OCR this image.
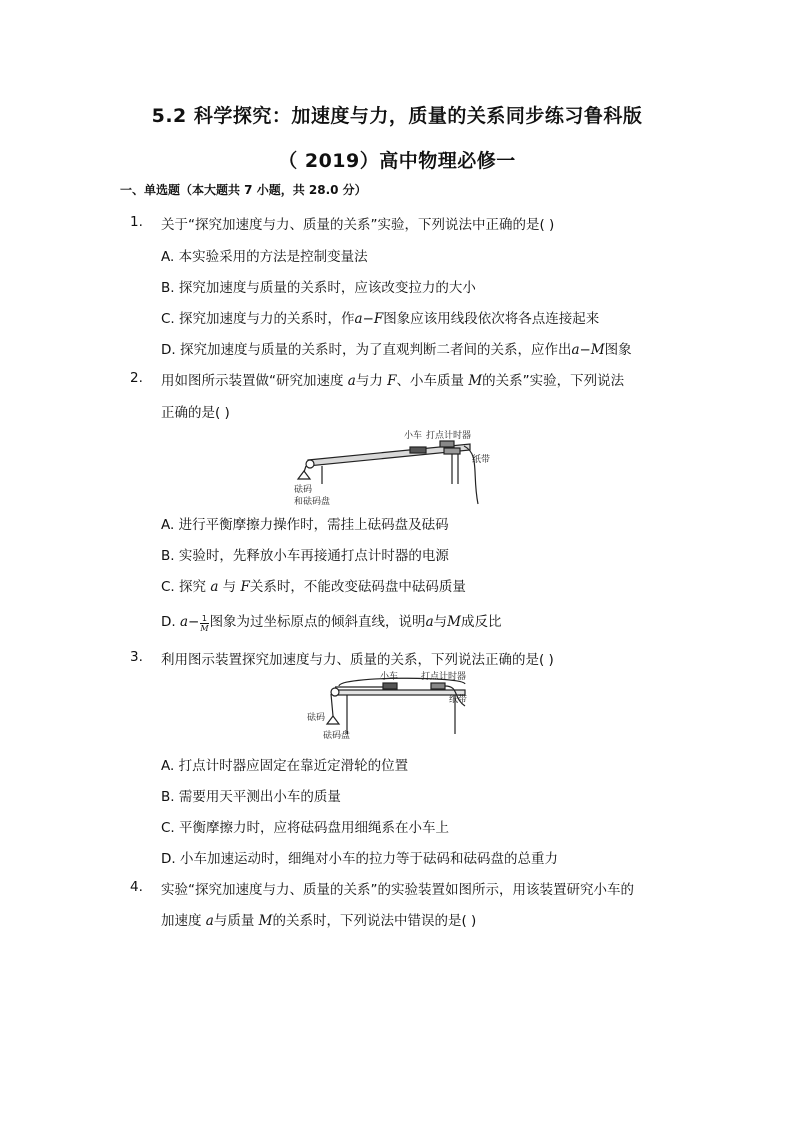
5.2 科学探究：加速度与力，质量的关系同步练习鲁科版
（ 2019）高中物理必修一

一、单选题（本大题共 7 小题，共 28.0 分）

1. 关于“探究加速度与力、质量的关系”实验，下列说法中正确的是( )

A. 本实验采用的方法是控制变量法

B. 探究加速度与质量的关系时，应该改变拉力的大小

C. 探究加速度与力的关系时，作a−F图象应该用线段依次将各点连接起来

D. 探究加速度与质量的关系时，为了直观判断二者间的关系，应作出a−M图象

2. 用如图所示装置做“研究加速度 a与力 F、小车质量 M的关系”实验，下列说法

正确的是( )

小车 打点计时器
纸带
砝码
和砝码盘

A. 进行平衡摩擦力操作时，需挂上砝码盘及砝码

B. 实验时，先释放小车再接通打点计时器的电源

C. 探究 a 与 F关系时，不能改变砝码盘中砝码质量

D. $a- \frac{1}{M}$ 图象为过坐标原点的倾斜直线，说明a与M成反比

3. 利用图示装置探究加速度与力、质量的关系，下列说法正确的是( )

小车	打点计时器
纸带
砝码
砝码盘

A. 打点计时器应固定在靠近定滑轮的位置

B. 需要用天平测出小车的质量

C. 平衡摩擦力时，应将砝码盘用细绳系在小车上

D. 小车加速运动时，细绳对小车的拉力等于砝码和砝码盘的总重力

4. 实验“探究加速度与力、质量的关系”的实验装置如图所示，用该装置研究小车的

加速度 a与质量 M的关系时，下列说法中错误的是( )
